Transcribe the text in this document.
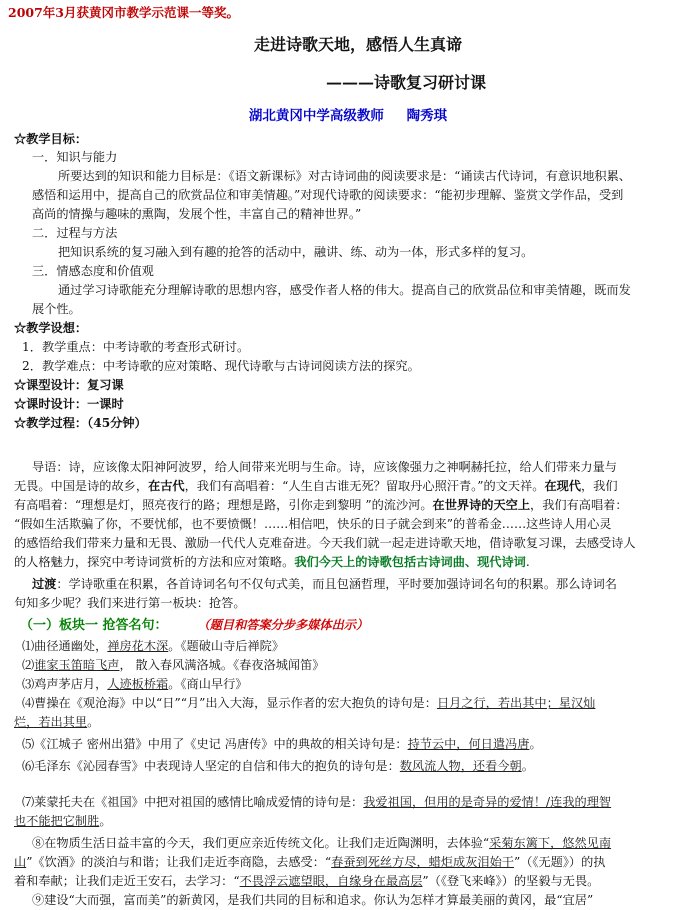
2007年3月获黄冈市教学示范课一等奖。
走进诗歌天地，感悟人生真谛
———诗歌复习研讨课
湖北黄冈中学高级教师 陶秀琪
☆教学目标：
一．知识与能力
所要达到的知识和能力目标是：《语文新课标》对古诗词曲的阅读要求是：“诵读古代诗词，有意识地积累、
感悟和运用中，提高自己的欣赏品位和审美情趣。”对现代诗歌的阅读要求：“能初步理解、鉴赏文学作品，受到
高尚的情操与趣味的熏陶，发展个性，丰富自己的精神世界。”
二．过程与方法
把知识系统的复习融入到有趣的抢答的活动中，融讲、练、动为一体，形式多样的复习。
三．情感态度和价值观
通过学习诗歌能充分理解诗歌的思想内容，感受作者人格的伟大。提高自己的欣赏品位和审美情趣，既而发
展个性。
☆教学设想：
1．教学重点：中考诗歌的考查形式研讨。
2．教学难点：中考诗歌的应对策略、现代诗歌与古诗词阅读方法的探究。
☆课型设计：复习课
☆课时设计：一课时
☆教学过程：（45分钟）
导语：诗，应该像太阳神阿波罗，给人间带来光明与生命。诗，应该像强力之神啊赫托拉，给人们带来力量与
无畏。中国是诗的故乡，在古代，我们有高唱着：“人生自古谁无死？留取丹心照汗青。”的文天祥。在现代，我们
有高唱着：“理想是灯，照亮夜行的路；理想是路，引你走到黎明 ”的流沙河。在世界诗的天空上，我们有高唱着：
“假如生活欺骗了你，不要忧郁，也不要愤慨！……相信吧，快乐的日子就会到来”的普希金……这些诗人用心灵
的感悟给我们带来力量和无畏、激励一代代人克难奋进。今天我们就一起走进诗歌天地，借诗歌复习课，去感受诗人
的人格魅力，探究中考诗词赏析的方法和应对策略。我们今天上的诗歌包括古诗词曲、现代诗词.
过渡：学诗歌重在积累，各首诗词名句不仅句式美，而且包涵哲理，平时要加强诗词名句的积累。那么诗词名
句知多少呢？我们来进行第一板块：抢答。
（一）板块一 抢答名句： （题目和答案分步多媒体出示）
⑴曲径通幽处，禅房花木深。《题破山寺后禅院》
⑵谁家玉笛暗飞声， 散入春风满洛城。《春夜洛城闻笛》
⑶鸡声茅店月，人迹板桥霜。《商山早行》
⑷曹操在《观沧海》中以“日”“月”出入大海，显示作者的宏大抱负的诗句是：日月之行，若出其中；星汉灿
烂，若出其里。
⑸《江城子 密州出猎》中用了《史记 冯唐传》中的典故的相关诗句是：持节云中，何日遣冯唐。
⑹毛泽东《沁园春雪》中表现诗人坚定的自信和伟大的抱负的诗句是：数风流人物，还看今朝。
⑺莱蒙托夫在《祖国》中把对祖国的感情比喻成爱情的诗句是：我爱祖国，但用的是奇异的爱情！/连我的理智
也不能把它制胜。
⑧在物质生活日益丰富的今天，我们更应亲近传统文化。让我们走近陶渊明，去体验“采菊东篱下，悠然见南
山”《饮酒》的淡泊与和谐；让我们走近李商隐，去感受：“春蚕到死丝方尽，蜡炬成灰泪始干”（《无题》）的执
着和奉献；让我们走近王安石，去学习：“不畏浮云遮望眼，自缘身在最高层”（《登飞来峰》）的坚毅与无畏。
⑨建设“大而强，富而美”的新黄冈，是我们共同的目标和追求。你认为怎样才算最美丽的黄冈，最“宜居”
